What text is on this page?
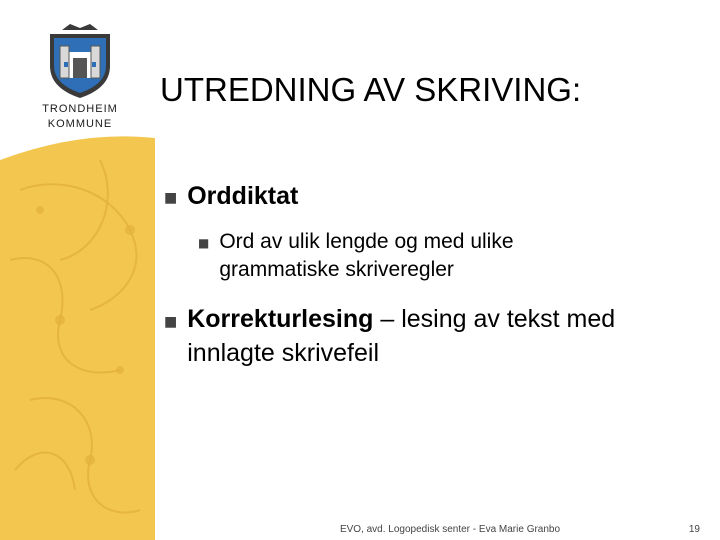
TRONDHEIM
KOMMUNE
UTREDNING AV SKRIVING:
■ Orddiktat
■ Ord av ulik lengde og med ulike grammatiske skriveregler
■ Korrekturlesing – lesing av tekst med innlagte skrivefeil
EVO, avd. Logopedisk senter - Eva Marie Granbo	19
